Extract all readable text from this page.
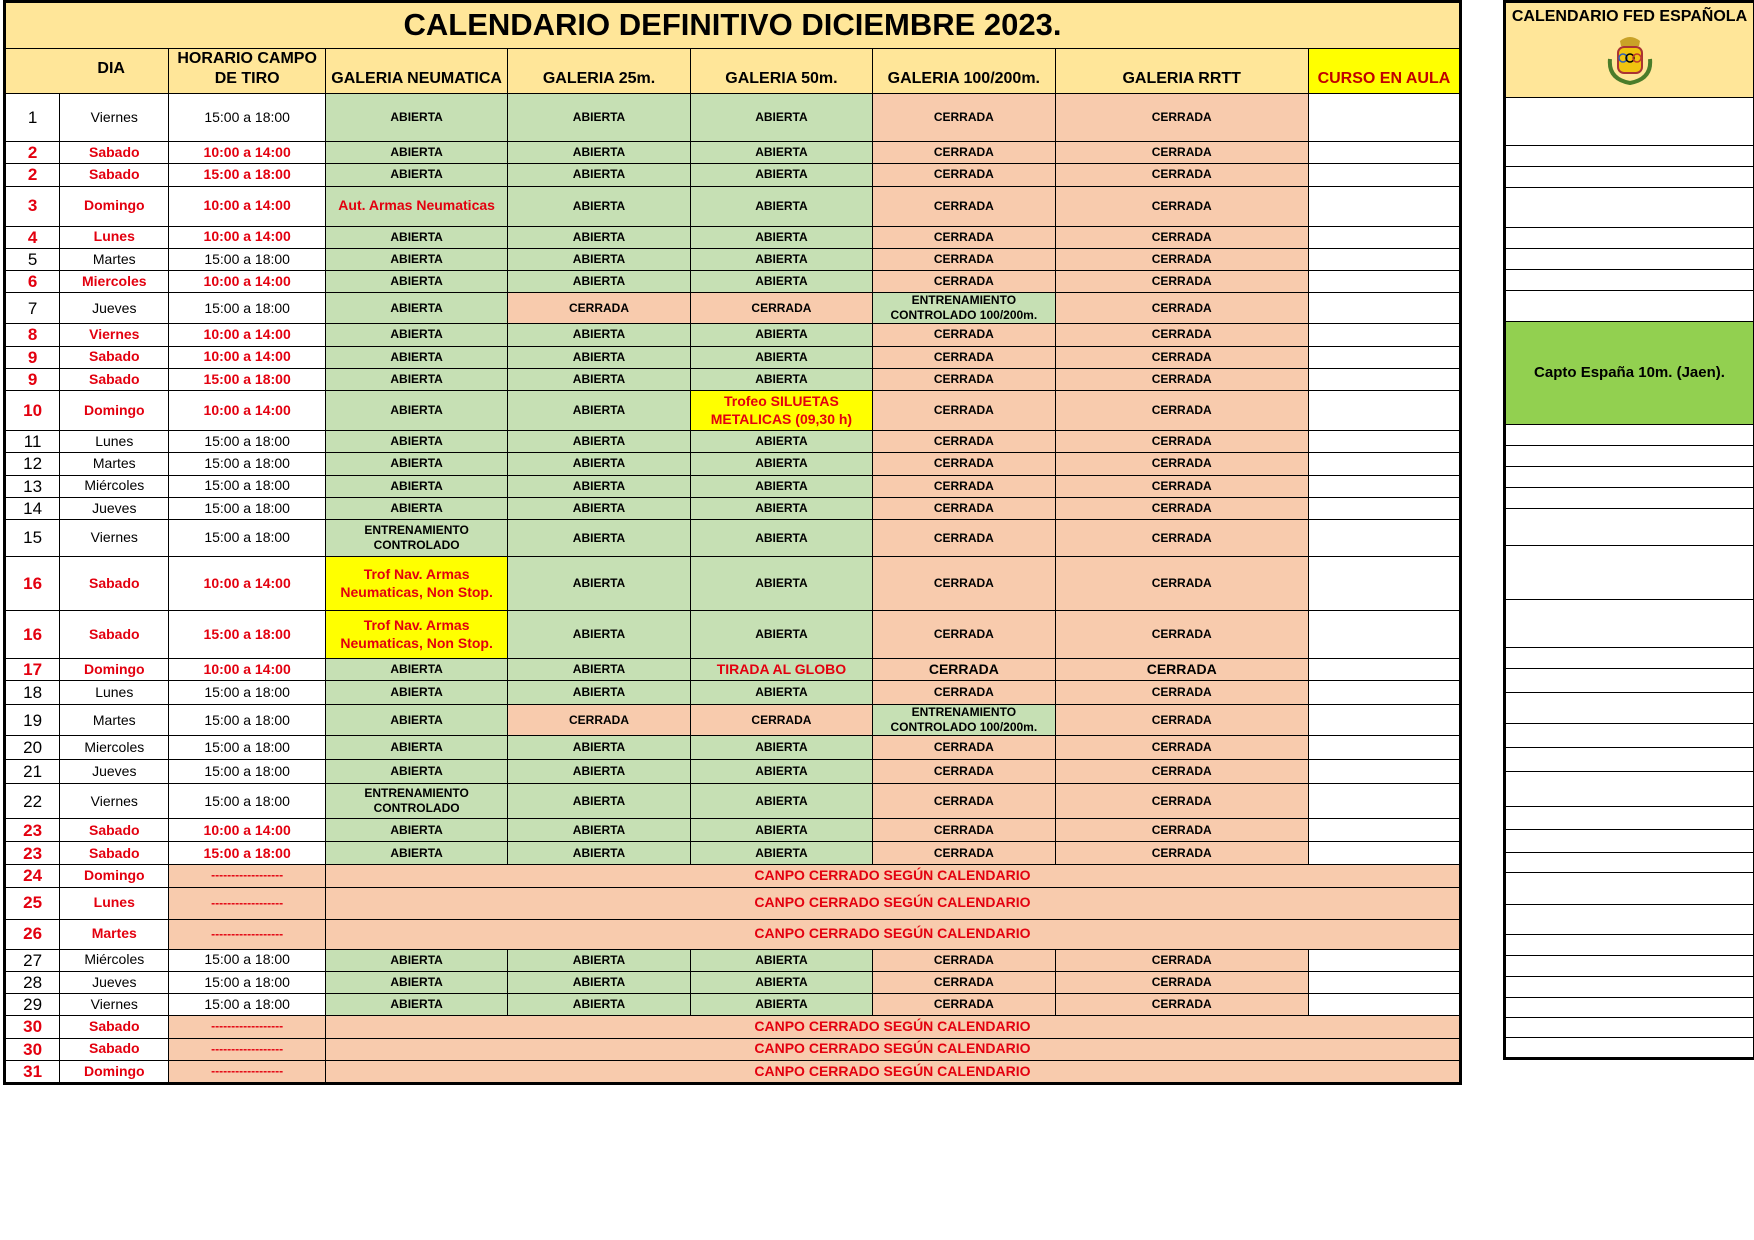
CALENDARIO DEFINITIVO DICIEMBRE 2023.								
DIA		HORARIO CAMPO DE TIRO	GALERIA NEUMATICA	GALERIA 25m.	GALERIA 50m.	GALERIA 100/200m.	GALERIA RRTT	CURSO EN AULA
1	Viernes	15:00 a 18:00	ABIERTA	ABIERTA	ABIERTA	CERRADA	CERRADA	
2	Sabado	10:00 a 14:00	ABIERTA	ABIERTA	ABIERTA	CERRADA	CERRADA	
2	Sabado	15:00 a 18:00	ABIERTA	ABIERTA	ABIERTA	CERRADA	CERRADA	
3	Domingo	10:00 a 14:00	Aut. Armas Neumaticas	ABIERTA	ABIERTA	CERRADA	CERRADA	
4	Lunes	10:00 a 14:00	ABIERTA	ABIERTA	ABIERTA	CERRADA	CERRADA	
5	Martes	15:00 a 18:00	ABIERTA	ABIERTA	ABIERTA	CERRADA	CERRADA	
6	Miercoles	10:00 a 14:00	ABIERTA	ABIERTA	ABIERTA	CERRADA	CERRADA	
7	Jueves	15:00 a 18:00	ABIERTA	CERRADA	CERRADA	ENTRENAMIENTO CONTROLADO 100/200m.	CERRADA	
8	Viernes	10:00 a 14:00	ABIERTA	ABIERTA	ABIERTA	CERRADA	CERRADA	
9	Sabado	10:00 a 14:00	ABIERTA	ABIERTA	ABIERTA	CERRADA	CERRADA	
9	Sabado	15:00 a 18:00	ABIERTA	ABIERTA	ABIERTA	CERRADA	CERRADA	
10	Domingo	10:00 a 14:00	ABIERTA	ABIERTA	Trofeo SILUETAS METALICAS (09,30 h)	CERRADA	CERRADA	
11	Lunes	15:00 a 18:00	ABIERTA	ABIERTA	ABIERTA	CERRADA	CERRADA	
12	Martes	15:00 a 18:00	ABIERTA	ABIERTA	ABIERTA	CERRADA	CERRADA	
13	Miércoles	15:00 a 18:00	ABIERTA	ABIERTA	ABIERTA	CERRADA	CERRADA	
14	Jueves	15:00 a 18:00	ABIERTA	ABIERTA	ABIERTA	CERRADA	CERRADA	
15	Viernes	15:00 a 18:00	ENTRENAMIENTO CONTROLADO	ABIERTA	ABIERTA	CERRADA	CERRADA	
16	Sabado	10:00 a 14:00	Trof Nav. Armas Neumaticas, Non Stop.	ABIERTA	ABIERTA	CERRADA	CERRADA	
16	Sabado	15:00 a 18:00	Trof Nav. Armas Neumaticas, Non Stop.	ABIERTA	ABIERTA	CERRADA	CERRADA	
17	Domingo	10:00 a 14:00	ABIERTA	ABIERTA	TIRADA AL GLOBO	CERRADA	CERRADA	
18	Lunes	15:00 a 18:00	ABIERTA	ABIERTA	ABIERTA	CERRADA	CERRADA	
19	Martes	15:00 a 18:00	ABIERTA	CERRADA	CERRADA	ENTRENAMIENTO CONTROLADO 100/200m.	CERRADA	
20	Miercoles	15:00 a 18:00	ABIERTA	ABIERTA	ABIERTA	CERRADA	CERRADA	
21	Jueves	15:00 a 18:00	ABIERTA	ABIERTA	ABIERTA	CERRADA	CERRADA	
22	Viernes	15:00 a 18:00	ENTRENAMIENTO CONTROLADO	ABIERTA	ABIERTA	CERRADA	CERRADA	
23	Sabado	10:00 a 14:00	ABIERTA	ABIERTA	ABIERTA	CERRADA	CERRADA	
23	Sabado	15:00 a 18:00	ABIERTA	ABIERTA	ABIERTA	CERRADA	CERRADA	
24	Domingo	------------------	CANPO CERRADO SEGÚN CALENDARIO					
25	Lunes	------------------	CANPO CERRADO SEGÚN CALENDARIO					
26	Martes	------------------	CANPO CERRADO SEGÚN CALENDARIO					
27	Miércoles	15:00 a 18:00	ABIERTA	ABIERTA	ABIERTA	CERRADA	CERRADA	
28	Jueves	15:00 a 18:00	ABIERTA	ABIERTA	ABIERTA	CERRADA	CERRADA	
29	Viernes	15:00 a 18:00	ABIERTA	ABIERTA	ABIERTA	CERRADA	CERRADA	
30	Sabado	------------------	CANPO CERRADO SEGÚN CALENDARIO					
30	Sabado	------------------	CANPO CERRADO SEGÚN CALENDARIO					
31	Domingo	------------------	CANPO CERRADO SEGÚN CALENDARIO					
CALENDARIO FED ESPAÑOLA

Capto España 10m. (Jaen).
